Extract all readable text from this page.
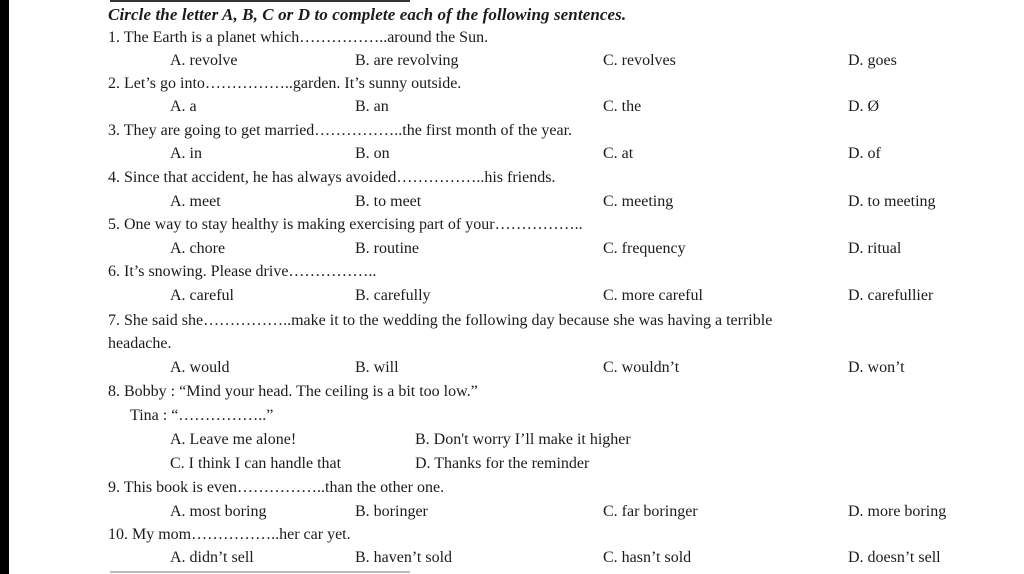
Circle the letter A, B, C or D to complete each of the following sentences.
1. The Earth is a planet which……………..around the Sun.
A. revolve	B. are revolving	C. revolves	D. goes
2. Let’s go into……………..garden. It’s sunny outside.
A. a	B. an	C. the	D. Ø
3. They are going to get married……………..the first month of the year.
A. in	B. on	C. at	D. of
4. Since that accident, he has always avoided……………..his friends.
A. meet	B. to meet	C. meeting	D. to meeting
5. One way to stay healthy is making exercising part of your……………..
A. chore	B. routine	C. frequency	D. ritual
6. It’s snowing. Please drive……………..
A. careful	B. carefully	C. more careful	D. carefullier
7. She said she……………..make it to the wedding the following day because she was having a terrible
headache.
A. would	B. will	C. wouldn’t	D. won’t
8. Bobby : “Mind your head. The ceiling is a bit too low.”
Tina : “……………..”
A. Leave me alone!	B. Don't worry I’ll make it higher
C. I think I can handle that	D. Thanks for the reminder
9. This book is even……………..than the other one.
A. most boring	B. boringer	C. far boringer	D. more boring
10. My mom……………..her car yet.
A. didn’t sell	B. haven’t sold	C. hasn’t sold	D. doesn’t sell
